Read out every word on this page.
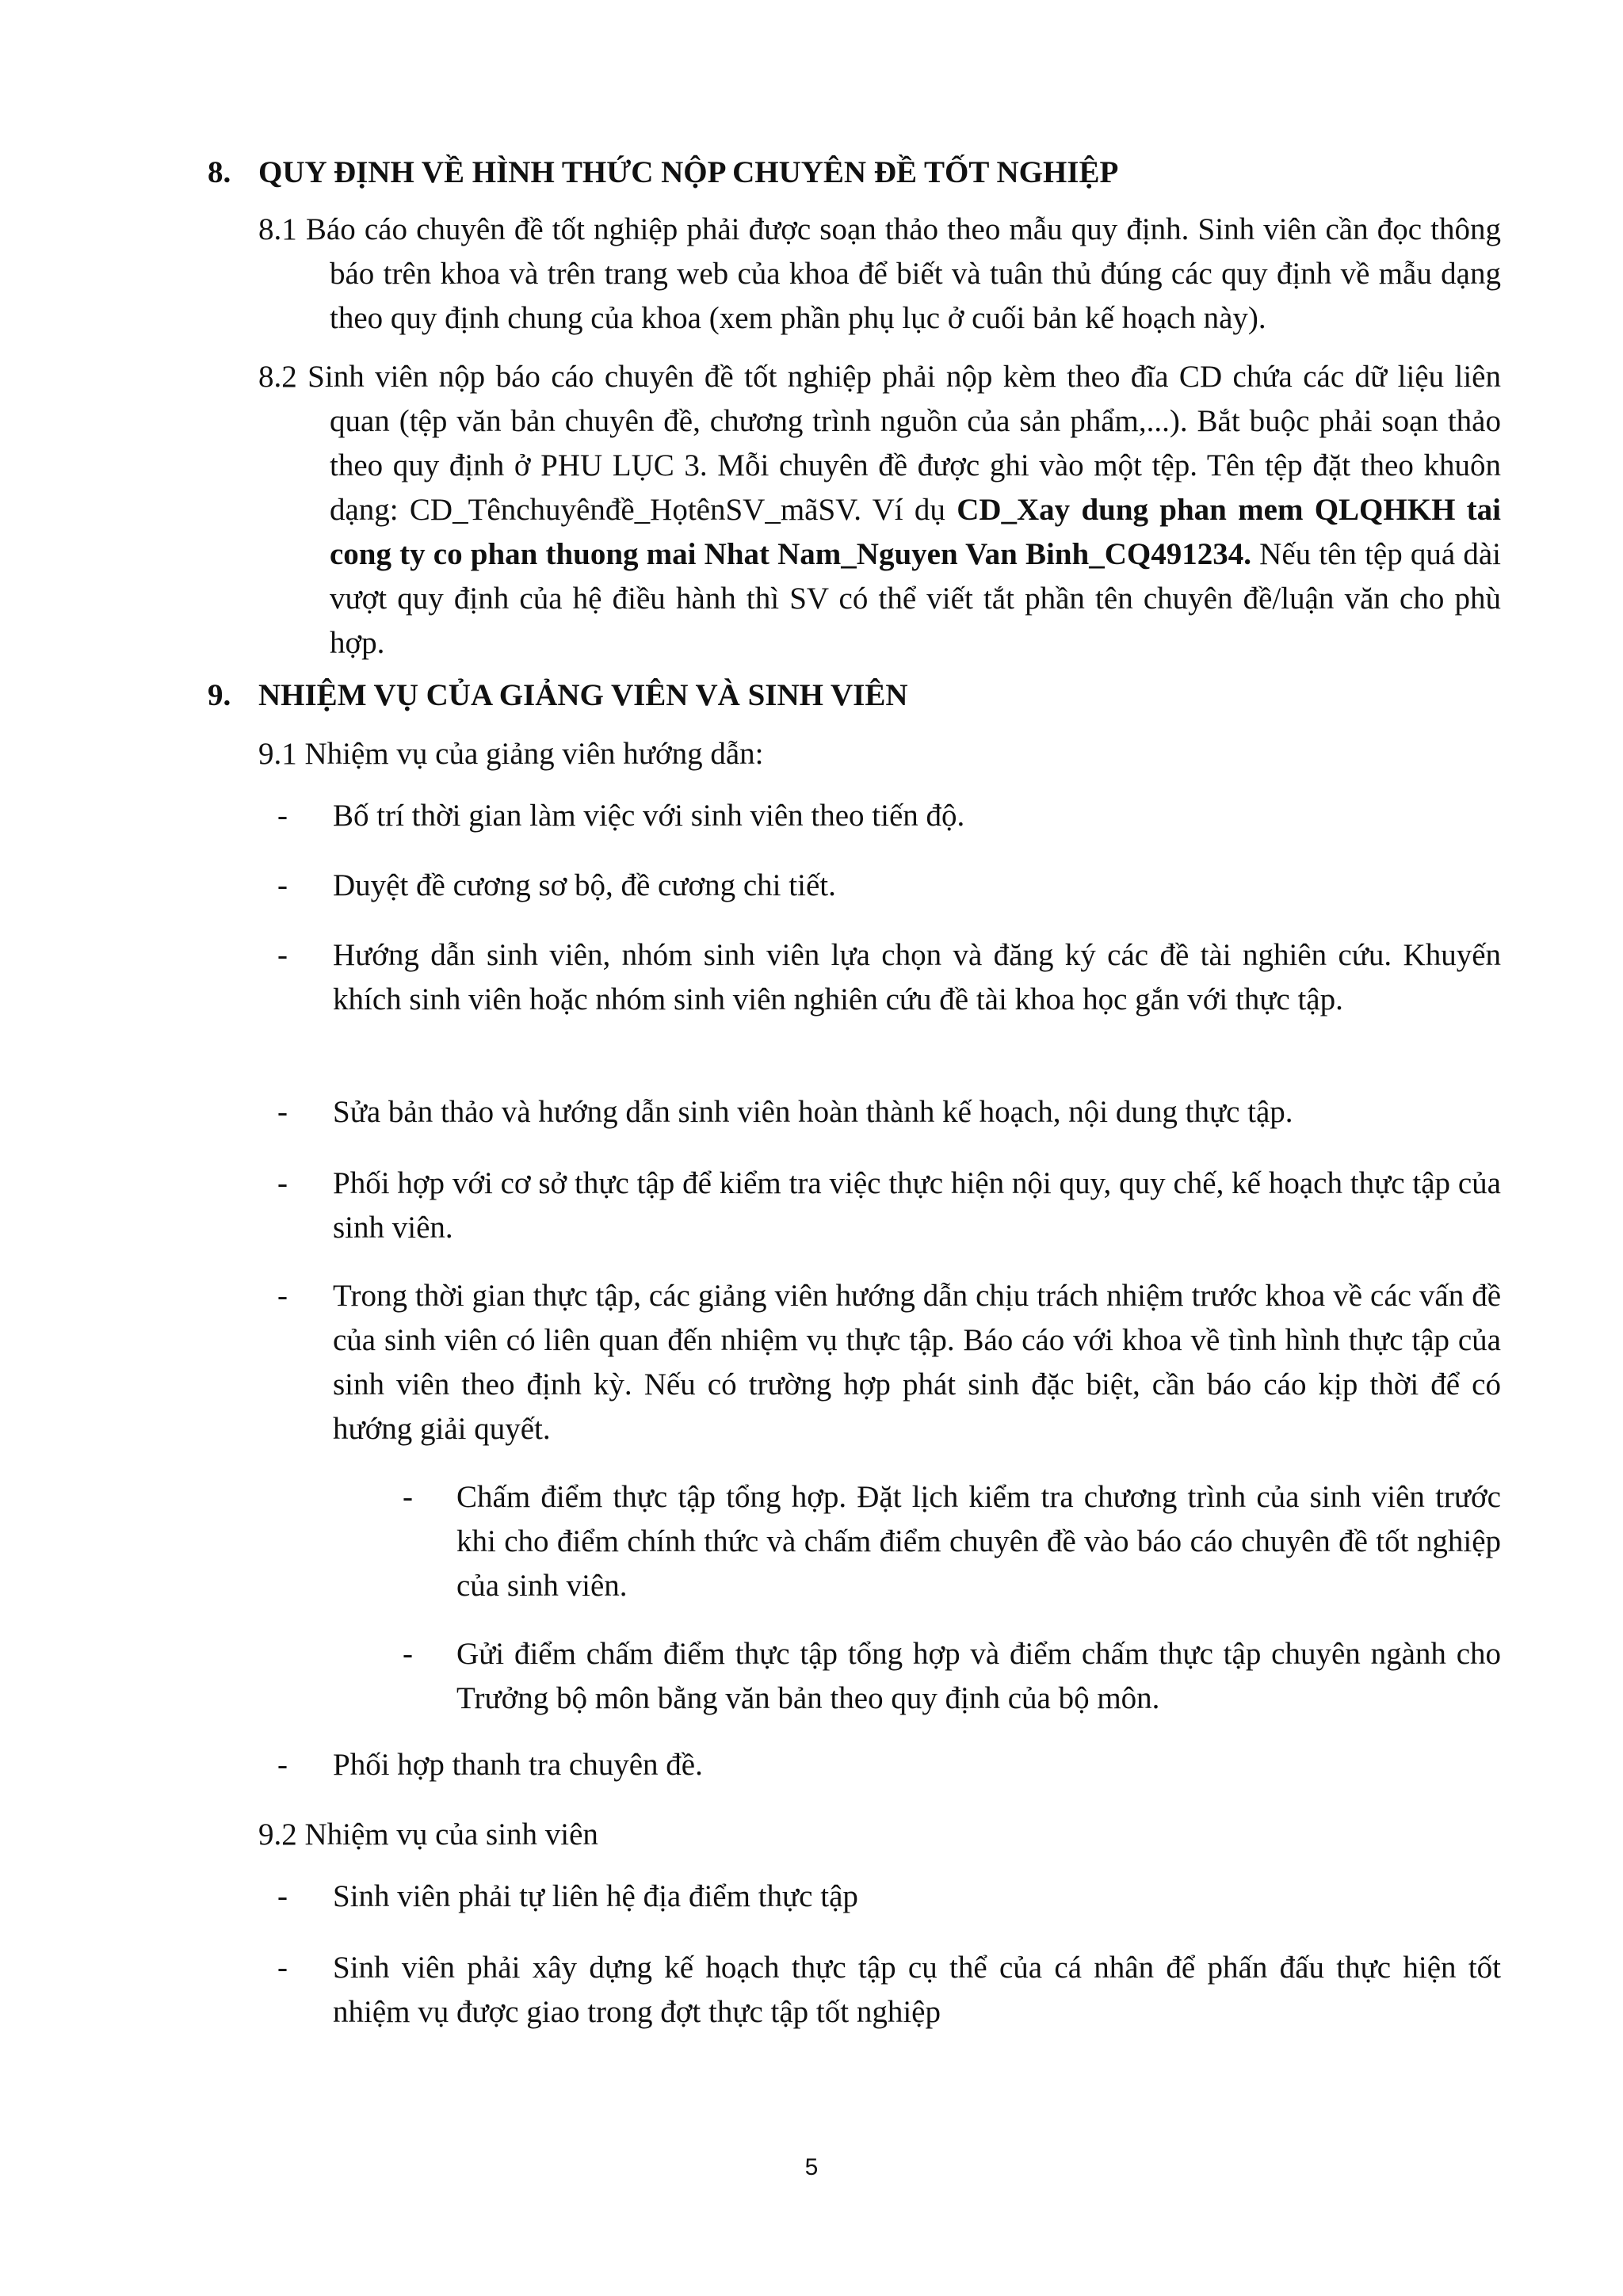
8. QUY ĐỊNH VỀ HÌNH THỨC NỘP CHUYÊN ĐỀ TỐT NGHIỆP
8.1 Báo cáo chuyên đề tốt nghiệp phải được soạn thảo theo mẫu quy định. Sinh viên cần đọc thông báo trên khoa và trên trang web của khoa để biết và tuân thủ đúng các quy định về mẫu dạng theo quy định chung của khoa (xem phần phụ lục ở cuối bản kế hoạch này).
8.2 Sinh viên nộp báo cáo chuyên đề tốt nghiệp phải nộp kèm theo đĩa CD chứa các dữ liệu liên quan (tệp văn bản chuyên đề, chương trình nguồn của sản phẩm,...). Bắt buộc phải soạn thảo theo quy định ở PHU LỤC 3. Mỗi chuyên đề được ghi vào một tệp. Tên tệp đặt theo khuôn dạng: CD_Tênchuyênđề_HọtênSV_mãSV. Ví dụ CD_Xay dung phan mem QLQHKH tai cong ty co phan thuong mai Nhat Nam_Nguyen Van Binh_CQ491234. Nếu tên tệp quá dài vượt quy định của hệ điều hành thì SV có thể viết tắt phần tên chuyên đề/luận văn cho phù hợp.
9. NHIỆM VỤ CỦA GIẢNG VIÊN VÀ SINH VIÊN
9.1 Nhiệm vụ của giảng viên hướng dẫn:
- Bố trí thời gian làm việc với sinh viên theo tiến độ.
- Duyệt đề cương sơ bộ, đề cương chi tiết.
- Hướng dẫn sinh viên, nhóm sinh viên lựa chọn và đăng ký các đề tài nghiên cứu. Khuyến khích sinh viên hoặc nhóm sinh viên nghiên cứu đề tài khoa học gắn với thực tập.
- Sửa bản thảo và hướng dẫn sinh viên hoàn thành kế hoạch, nội dung thực tập.
- Phối hợp với cơ sở thực tập để kiểm tra việc thực hiện nội quy, quy chế, kế hoạch thực tập của sinh viên.
- Trong thời gian thực tập, các giảng viên hướng dẫn chịu trách nhiệm trước khoa về các vấn đề của sinh viên có liên quan đến nhiệm vụ thực tập. Báo cáo với khoa về tình hình thực tập của sinh viên theo định kỳ. Nếu có trường hợp phát sinh đặc biệt, cần báo cáo kịp thời để có hướng giải quyết.
- Chấm điểm thực tập tổng hợp. Đặt lịch kiểm tra chương trình của sinh viên trước khi cho điểm chính thức và chấm điểm chuyên đề vào báo cáo chuyên đề tốt nghiệp của sinh viên.
- Gửi điểm chấm điểm thực tập tổng hợp và điểm chấm thực tập chuyên ngành cho Trưởng bộ môn bằng văn bản theo quy định của bộ môn.
- Phối hợp thanh tra chuyên đề.
9.2 Nhiệm vụ của sinh viên
- Sinh viên phải tự liên hệ địa điểm thực tập
- Sinh viên phải xây dựng kế hoạch thực tập cụ thể của cá nhân để phấn đấu thực hiện tốt nhiệm vụ được giao trong đợt thực tập tốt nghiệp
5
